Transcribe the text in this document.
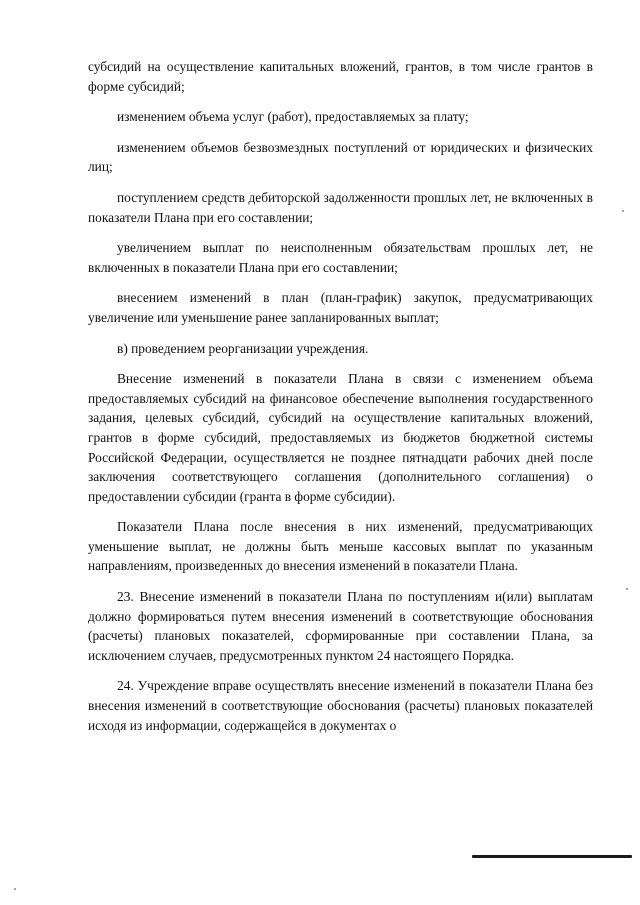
субсидий на осуществление капитальных вложений, грантов, в том числе грантов в форме субсидий;

изменением объема услуг (работ), предоставляемых за плату;

изменением объемов безвозмездных поступлений от юридических и физических лиц;

поступлением средств дебиторской задолженности прошлых лет, не включенных в показатели Плана при его составлении;

увеличением выплат по неисполненным обязательствам прошлых лет, не включенных в показатели Плана при его составлении;

внесением изменений в план (план-график) закупок, предусматривающих увеличение или уменьшение ранее запланированных выплат;

в) проведением реорганизации учреждения.

Внесение изменений в показатели Плана в связи с изменением объема предоставляемых субсидий на финансовое обеспечение выполнения государственного задания, целевых субсидий, субсидий на осуществление капитальных вложений, грантов в форме субсидий, предоставляемых из бюджетов бюджетной системы Российской Федерации, осуществляется не позднее пятнадцати рабочих дней после заключения соответствующего соглашения (дополнительного соглашения) о предоставлении субсидии (гранта в форме субсидии).

Показатели Плана после внесения в них изменений, предусматривающих уменьшение выплат, не должны быть меньше кассовых выплат по указанным направлениям, произведенных до внесения изменений в показатели Плана.

23. Внесение изменений в показатели Плана по поступлениям и(или) выплатам должно формироваться путем внесения изменений в соответствующие обоснования (расчеты) плановых показателей, сформированные при составлении Плана, за исключением случаев, предусмотренных пунктом 24 настоящего Порядка.

24. Учреждение вправе осуществлять внесение изменений в показатели Плана без внесения изменений в соответствующие обоснования (расчеты) плановых показателей исходя из информации, содержащейся в документах о
